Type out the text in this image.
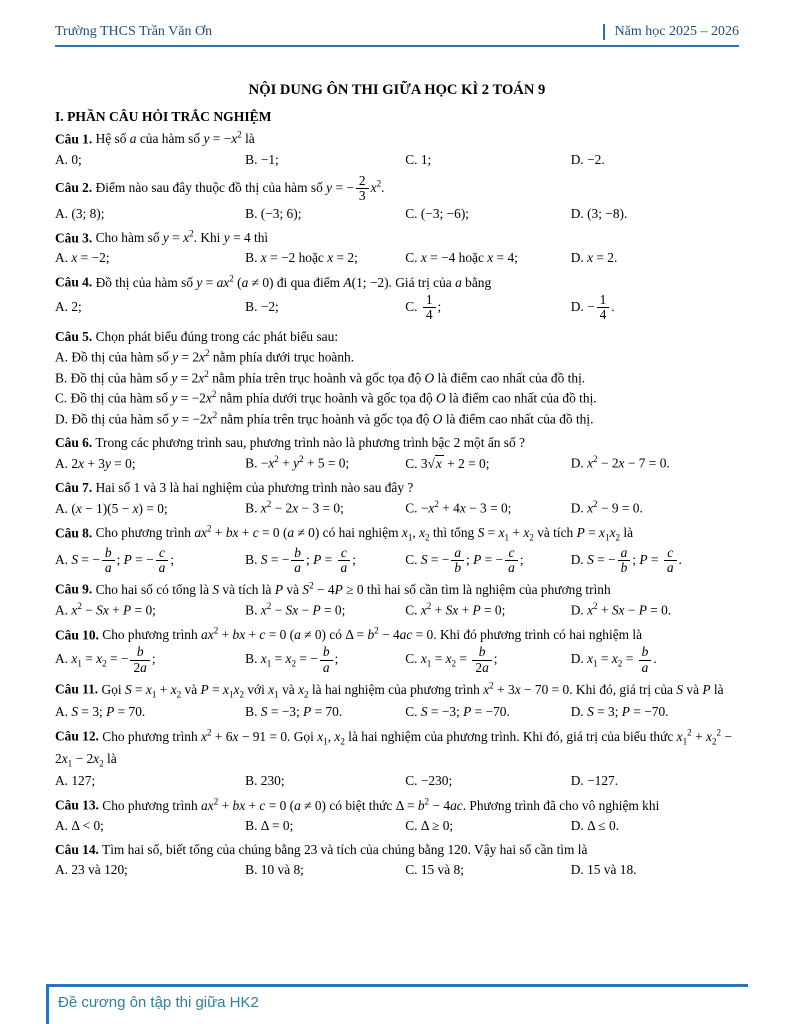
Trường THCS Trần Văn Ơn	Năm học 2025 – 2026
NỘI DUNG ÔN THI GIỮA HỌC KÌ 2 TOÁN 9
I. PHẦN CÂU HỎI TRẮC NGHIỆM
Câu 1. Hệ số a của hàm số $y = -x^2$ là
A. 0;	B. −1;	C. 1;	D. −2.
Câu 2. Điểm nào sau đây thuộc đồ thị của hàm số y = − $\frac{2}{3} x^2$.
A. (3; 8);	B. (−3; 6);	C. (−3; −6);	D. (3; −8).
Câu 3. Cho hàm số $y = x^2$. Khi y = 4 thì
A. x = −2;	B. x = −2 hoặc x = 2;	C. x = −4 hoặc x = 4;	D. x = 2.
Câu 4. Đồ thị của hàm số $y = ax^2$ (a ≠ 0) đi qua điểm A(1; −2). Giá trị của a bằng
A. 2;	B. −2;	C. $\frac{1}{4}$ ;	D. − $\frac{1}{4}$ .
Câu 5. Chọn phát biểu đúng trong các phát biểu sau:
A. Đồ thị của hàm số $y = 2x^2$ nằm phía dưới trục hoành.
B. Đồ thị của hàm số $y = 2x^2$ nằm phía trên trục hoành và gốc tọa độ O là điểm cao nhất của đồ thị.
C. Đồ thị của hàm số $y = -2x^2$ nằm phía dưới trục hoành và gốc tọa độ O là điểm cao nhất của đồ thị.
D. Đồ thị của hàm số $y = -2x^2$ nằm phía trên trục hoành và gốc tọa độ O là điểm cao nhất của đồ thị.
Câu 6. Trong các phương trình sau, phương trình nào là phương trình bậc 2 một ẩn số ?
A. 2x + 3y = 0;	B. $-x^2 + y^2 + 5 = 0$;	C. 3√x + 2 = 0;	D. $x^2 - 2x - 7 = 0$.
Câu 7. Hai số 1 và 3 là hai nghiệm của phương trình nào sau đây ?
A. (x − 1)(5 − x) = 0;	B. $x^2 - 2x - 3 = 0$;	C. $-x^2 + 4x - 3 = 0$;	D. $x^2 - 9 = 0$.
Câu 8. Cho phương trình $ax^2$ + bx + c = 0 (a ≠ 0) có hai nghiệm $x_1$, $x_2$ thì tổng $S = x_1 + x_2$ và tích $P = x_1x_2$ là
A. S = − $\frac{b}{a}$ ; P = − $\frac{c}{a}$ ;	B. S = − $\frac{b}{a}$ ; $P = \frac{c}{a}$ ;	C. S = − $\frac{a}{b}$ ; P = − $\frac{c}{a}$ ;	D. S = − $\frac{a}{b}$ ; $P = \frac{c}{a}$ .
Câu 9. Cho hai số có tổng là S và tích là P và $S^2 - 4P \ge 0$ thì hai số cần tìm là nghiệm của phương trình
A. $x^2 - Sx + P = 0$;	B. $x^2 - Sx - P = 0$;	C. $x^2 + Sx + P = 0$;	D. $x^2 + Sx - P = 0$.
Câu 10. Cho phương trình $ax^2$ + bx + c = 0 (a ≠ 0) có $\Delta = b^2 - 4ac = 0$. Khi đó phương trình có hai nghiệm là
A. $x_1 = x_2$ = − $\frac{b}{2a}$ ;	B. $x_1 = x_2$ = − $\frac{b}{a}$ ;	C. $x_1 = x_2 = \frac{b}{2a}$ ;	D. $x_1 = x_2 = \frac{b}{a}$ .
Câu 11. Gọi $S = x_1 + x_2$ và $P = x_1x_2$ với $x_1$ và $x_2$ là hai nghiệm của phương trình $x^2 + 3x - 70 = 0$. Khi đó, giá trị của S và P là
A. S = 3; P = 70.	B. S = −3; P = 70.	C. S = −3; P = −70.	D. S = 3; P = −70.
Câu 12. Cho phương trình $x^2 + 6x - 91 = 0$. Gọi $x_1$, $x_2$ là hai nghiệm của phương trình. Khi đó, giá trị của biểu thức $x_1^2 + x_2^2 - 2x_1 - 2x_2$ là
A. 127;	B. 230;	C. −230;	D. −127.
Câu 13. Cho phương trình $ax^2$ + bx + c = 0 (a ≠ 0) có biệt thức $\Delta = b^2 - 4ac$. Phương trình đã cho vô nghiệm khi
A. Δ < 0;	B. Δ = 0;	C. Δ ≥ 0;	D. Δ ≤ 0.
Câu 14. Tìm hai số, biết tổng của chúng bằng 23 và tích của chúng bằng 120. Vậy hai số cần tìm là
A. 23 và 120;	B. 10 và 8;	C. 15 và 8;	D. 15 và 18.
Đề cương ôn tập thi giữa HK2
